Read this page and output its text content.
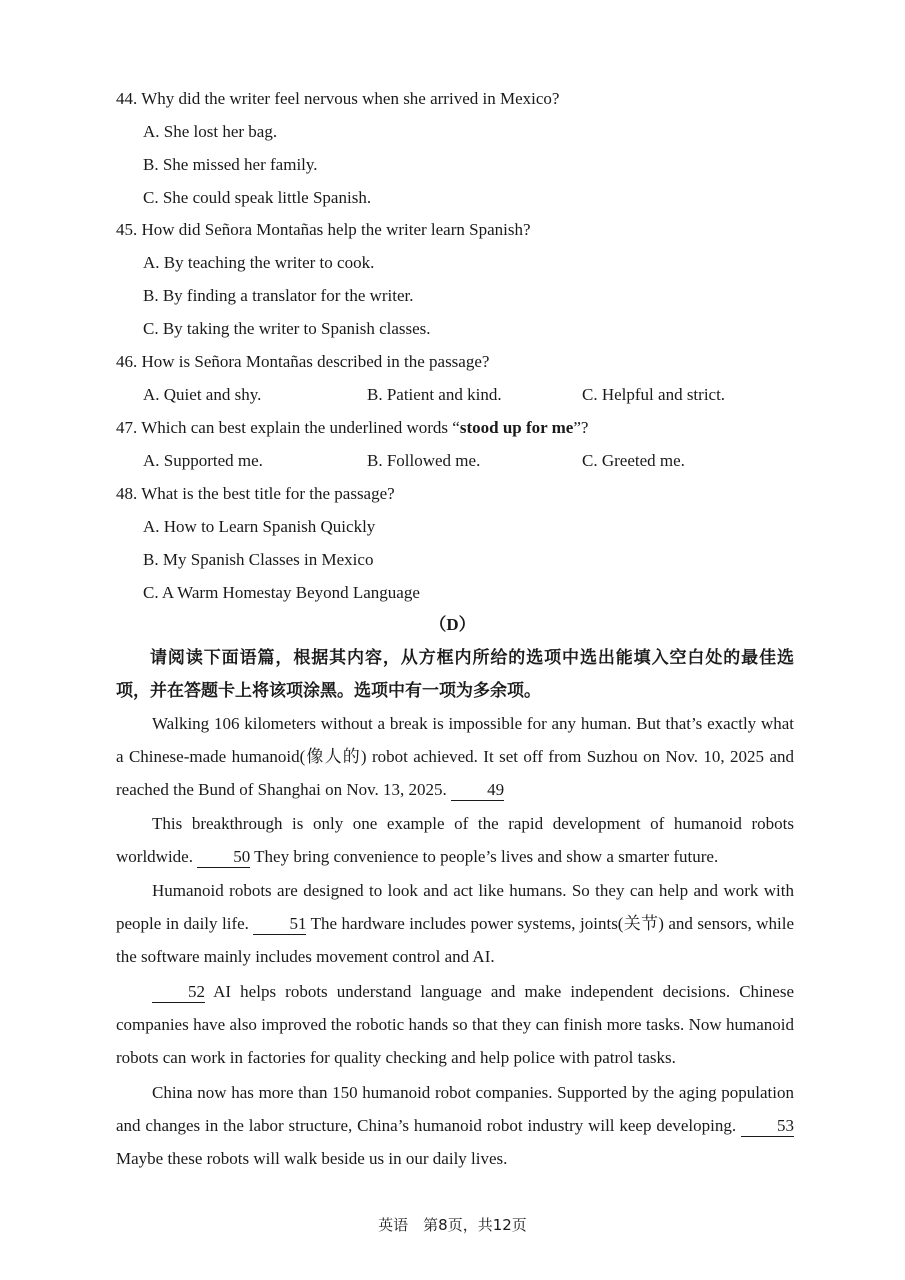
44. Why did the writer feel nervous when she arrived in Mexico?
A. She lost her bag.
B. She missed her family.
C. She could speak little Spanish.
45. How did Señora Montañas help the writer learn Spanish?
A. By teaching the writer to cook.
B. By finding a translator for the writer.
C. By taking the writer to Spanish classes.
46. How is Señora Montañas described in the passage?
A. Quiet and shy.	B. Patient and kind.	C. Helpful and strict.
47. Which can best explain the underlined words “stood up for me”?
A. Supported me.	B. Followed me.	C. Greeted me.
48. What is the best title for the passage?
A. How to Learn Spanish Quickly
B. My Spanish Classes in Mexico
C. A Warm Homestay Beyond Language
（D）
请阅读下面语篇，根据其内容，从方框内所给的选项中选出能填入空白处的最佳选项，并在答题卡上将该项涂黑。选项中有一项为多余项。
Walking 106 kilometers without a break is impossible for any human. But that’s exactly what a Chinese-made humanoid(像人的) robot achieved. It set off from Suzhou on Nov. 10, 2025 and reached the Bund of Shanghai on Nov. 13, 2025. 49
This breakthrough is only one example of the rapid development of humanoid robots worldwide. 50 They bring convenience to people’s lives and show a smarter future.
Humanoid robots are designed to look and act like humans. So they can help and work with people in daily life. 51 The hardware includes power systems, joints(关节) and sensors, while the software mainly includes movement control and AI.
52 AI helps robots understand language and make independent decisions. Chinese companies have also improved the robotic hands so that they can finish more tasks. Now humanoid robots can work in factories for quality checking and help police with patrol tasks.
China now has more than 150 humanoid robot companies. Supported by the aging population and changes in the labor structure, China’s humanoid robot industry will keep developing. 53 Maybe these robots will walk beside us in our daily lives.
英语　第8页，共12页
